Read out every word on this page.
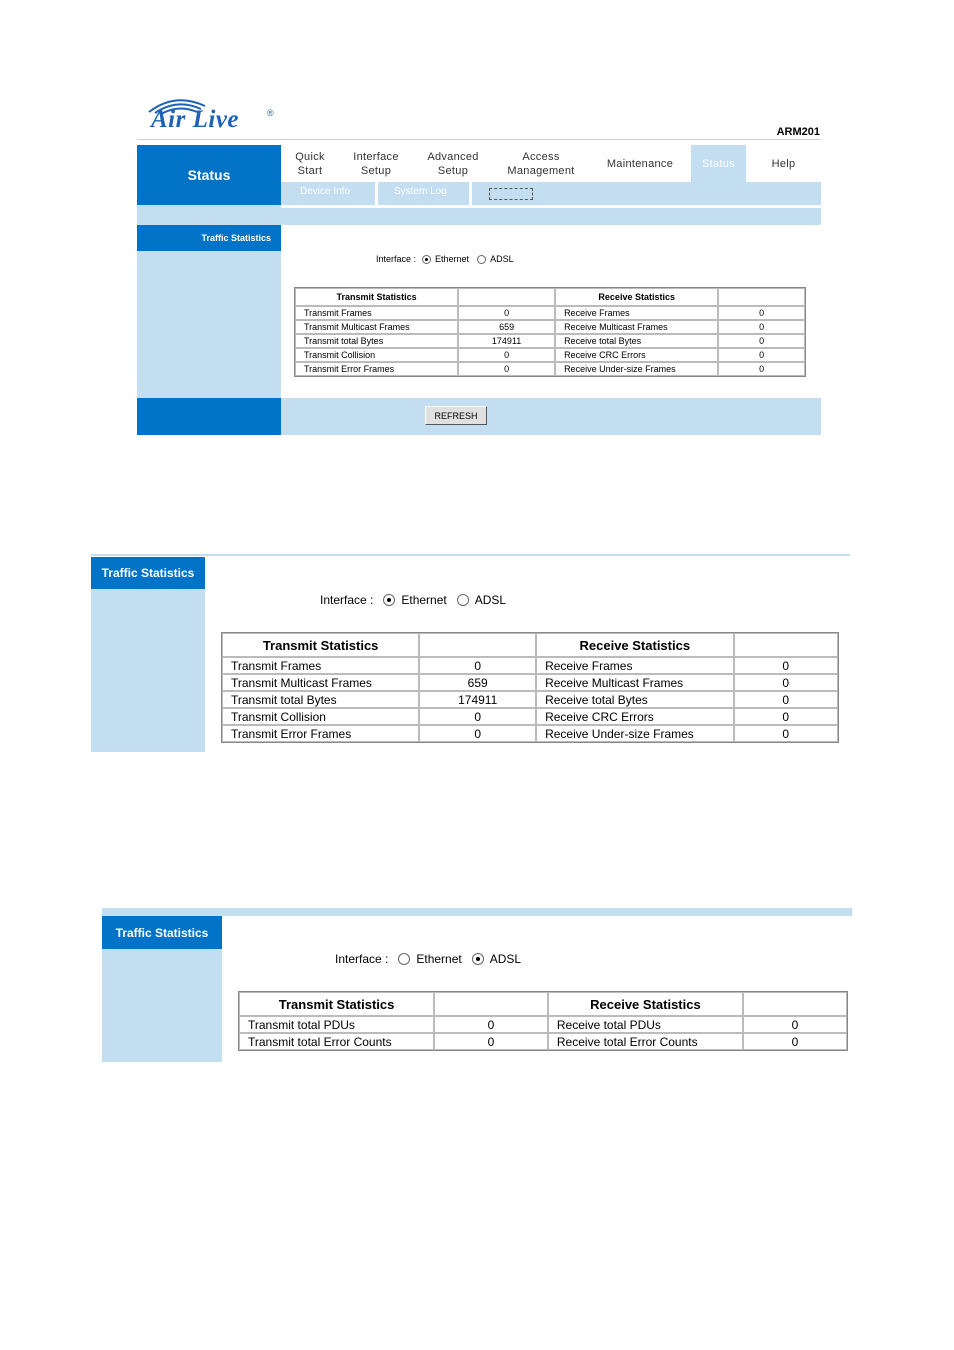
Air Live	®
ARM201
Status
Traffic Statistics
Quick
Start
Interface
Setup
Advanced
Setup
Access
Management
Maintenance	Status	Help
Device Info	System Log	Statistics
Interface : Ethernet ADSL
Transmit Statistics		Receive Statistics	
Transmit Frames	0	Receive Frames	0
Transmit Multicast Frames	659	Receive Multicast Frames	0
Transmit total Bytes	174911	Receive total Bytes	0
Transmit Collision	0	Receive CRC Errors	0
Transmit Error Frames	0	Receive Under-size Frames	0
REFRESH
Traffic Statistics
Interface : Ethernet ADSL
Transmit Statistics		Receive Statistics	
Transmit Frames	0	Receive Frames	0
Transmit Multicast Frames	659	Receive Multicast Frames	0
Transmit total Bytes	174911	Receive total Bytes	0
Transmit Collision	0	Receive CRC Errors	0
Transmit Error Frames	0	Receive Under-size Frames	0
Traffic Statistics
Interface : Ethernet ADSL
Transmit Statistics		Receive Statistics	
Transmit total PDUs	0	Receive total PDUs	0
Transmit total Error Counts	0	Receive total Error Counts	0
